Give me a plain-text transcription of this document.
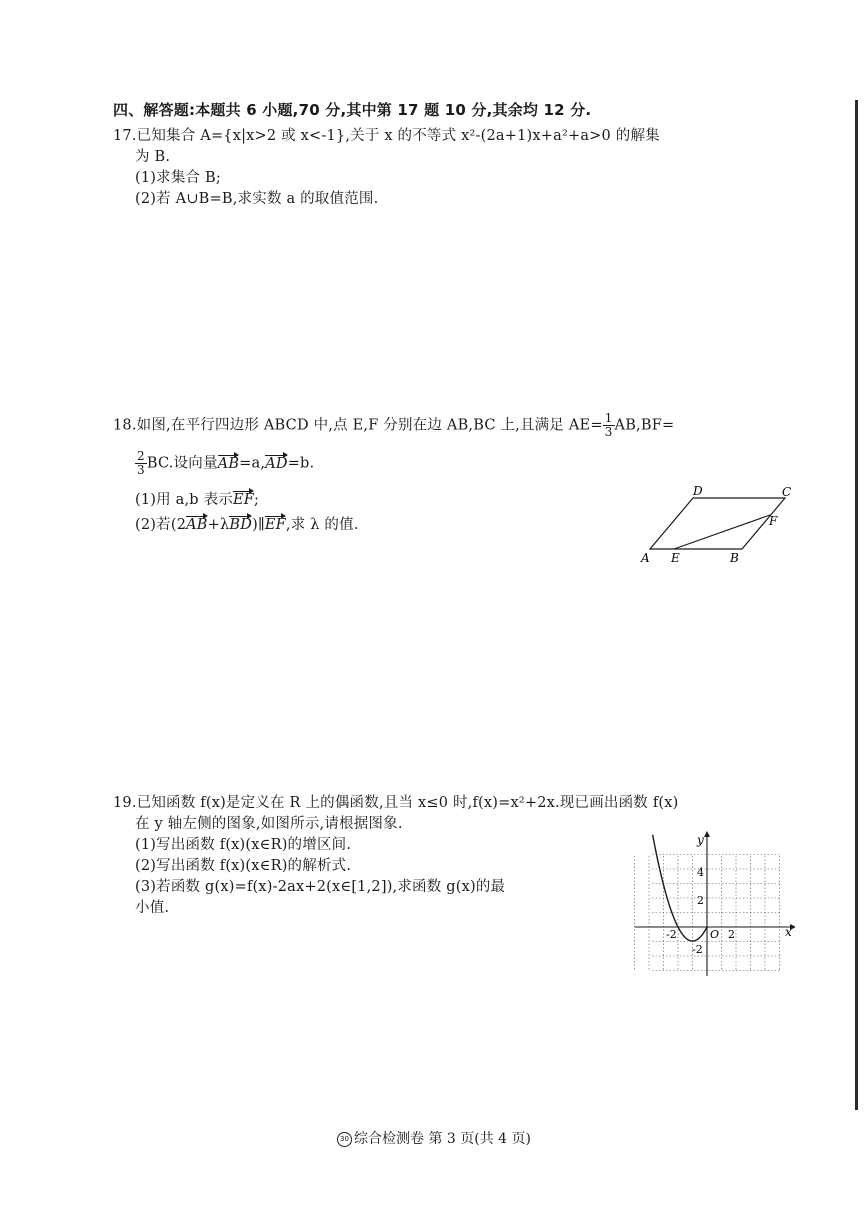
四、解答题:本题共 6 小题,70 分,其中第 17 题 10 分,其余均 12 分.
17.已知集合 A={x|x>2 或 x<-1},关于 x 的不等式 x²-(2a+1)x+a²+a>0 的解集
为 B.
(1)求集合 B;
(2)若 A∪B=B,求实数 a 的取值范围.
18.如图,在平行四边形 ABCD 中,点 E,F 分别在边 AB,BC 上,且满足 $AE= \frac{1}{3} AB,BF=$
$\frac{2}{3}$ BC.设向量AB=a,AD=b.
(1)用 a,b 表示EF;
(2)若(2AB+λBD)∥EF,求 λ 的值.
A E	B
D	C
F
19.已知函数 f(x)是定义在 R 上的偶函数,且当 x≤0 时,f(x)=x²+2x.现已画出函数 f(x)
在 y 轴左侧的图象,如图所示,请根据图象.
(1)写出函数 f(x)(x∈R)的增区间.
(2)写出函数 f(x)(x∈R)的解析式.
(3)若函数 g(x)=f(x)-2ax+2(x∈[1,2]),求函数 g(x)的最
小值.
y
x
O
4
2
-2
-2	2
30 综合检测卷 第 3 页(共 4 页)
